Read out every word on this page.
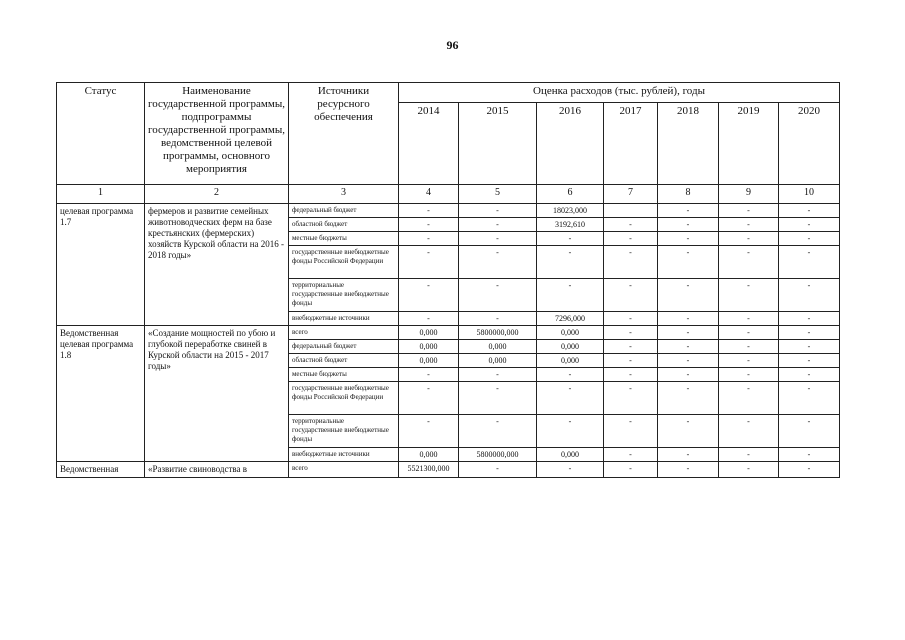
96
Статус	Наименование государственной программы, подпрограммы государственной программы, ведомственной целевой программы, основного мероприятия	Источники ресурсного обеспечения	Оценка расходов (тыс. рублей), годы						
			2014	2015	2016	2017	2018	2019	2020
1	2	3	4	5	6	7	8	9	10
целевая программа 1.7	фермеров и развитие семейных животноводческих ферм на базе крестьянских (фермерских) хозяйств Курской области на 2016 - 2018 годы»	федеральный бюджет	-	-	18023,000		-	-	-
		областной бюджет	-	-	3192,610	-	-	-	-
		местные бюджеты	-	-	-	-	-	-	-
		государственные внебюджетные фонды Российской Федерации	-	-	-	-	-	-	-
		территориальные государственные внебюджетные фонды	-	-	-	-	-	-	-
		внебюджетные источники	-	-	7296,000	-	-	-	-
Ведомственная целевая программа 1.8	«Создание мощностей по убою и глубокой переработке свиней в Курской области на 2015 - 2017 годы»	всего	0,000	5800000,000	0,000	-	-	-	-
		федеральный бюджет	0,000	0,000	0,000	-	-	-	-
		областной бюджет	0,000	0,000	0,000	-	-	-	-
		местные бюджеты	-	-	-	-	-	-	-
		государственные внебюджетные фонды Российской Федерации	-	-	-	-	-	-	-
		территориальные государственные внебюджетные фонды	-	-	-	-	-	-	-
		внебюджетные источники	0,000	5800000,000	0,000	-	-	-	-
Ведомственная	«Развитие свиноводства в	всего	5521300,000	-	-	-	-	-	-
